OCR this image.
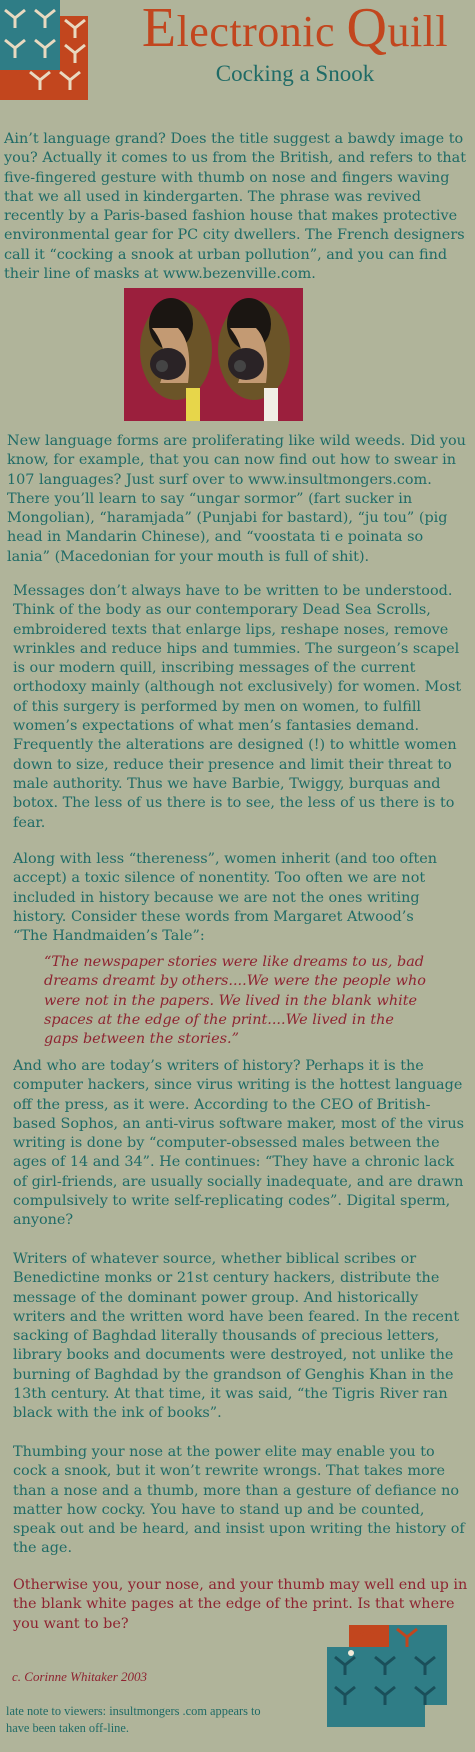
Electronic Quill
Cocking a Snook

Ain’t language grand? Does the title suggest a bawdy image to you? Actually it comes to us from the British, and refers to that five-fingered gesture with thumb on nose and fingers waving that we all used in kindergarten. The phrase was revived recently by a Paris-based fashion house that makes protective environmental gear for PC city dwellers. The French designers call it “cocking a snook at urban pollution”, and you can find their line of masks at www.bezenville.com.

New language forms are proliferating like wild weeds. Did you know, for example, that you can now find out how to swear in 107 languages? Just surf over to www.insultmongers.com. There you’ll learn to say “ungar sormor” (fart sucker in Mongolian), “haramjada” (Punjabi for bastard), “ju tou” (pig head in Mandarin Chinese), and “voostata ti e poinata so lania” (Macedonian for your mouth is full of shit).

Messages don’t always have to be written to be understood. Think of the body as our contemporary Dead Sea Scrolls, embroidered texts that enlarge lips, reshape noses, remove wrinkles and reduce hips and tummies. The surgeon’s scapel is our modern quill, inscribing messages of the current orthodoxy mainly (although not exclusively) for women. Most of this surgery is performed by men on women, to fulfill women’s expectations of what men’s fantasies demand. Frequently the alterations are designed (!) to whittle women down to size, reduce their presence and limit their threat to male authority. Thus we have Barbie, Twiggy, burquas and botox. The less of us there is to see, the less of us there is to fear.

Along with less “thereness”, women inherit (and too often accept) a toxic silence of nonentity. Too often we are not included in history because we are not the ones writing history. Consider these words from Margaret Atwood’s “The Handmaiden’s Tale”:

“The newspaper stories were like dreams to us, bad dreams dreamt by others....We were the people who were not in the papers. We lived in the blank white spaces at the edge of the print....We lived in the gaps between the stories.”

And who are today’s writers of history? Perhaps it is the computer hackers, since virus writing is the hottest language off the press, as it were. According to the CEO of British-based Sophos, an anti-virus software maker, most of the virus writing is done by “computer-obsessed males between the ages of 14 and 34”. He continues: “They have a chronic lack of girl-friends, are usually socially inadequate, and are drawn compulsively to write self-replicating codes”. Digital sperm, anyone?

Writers of whatever source, whether biblical scribes or Benedictine monks or 21st century hackers, distribute the message of the dominant power group. And historically writers and the written word have been feared. In the recent sacking of Baghdad literally thousands of precious letters, library books and documents were destroyed, not unlike the burning of Baghdad by the grandson of Genghis Khan in the 13th century. At that time, it was said, “the Tigris River ran black with the ink of books”.

Thumbing your nose at the power elite may enable you to cock a snook, but it won’t rewrite wrongs. That takes more than a nose and a thumb, more than a gesture of defiance no matter how cocky. You have to stand up and be counted, speak out and be heard, and insist upon writing the history of the age.

Otherwise you, your nose, and your thumb may well end up in the blank white pages at the edge of the print. Is that where you want to be?

c. Corinne Whitaker 2003
late note to viewers: insultmongers .com appears to have been taken off-line.
